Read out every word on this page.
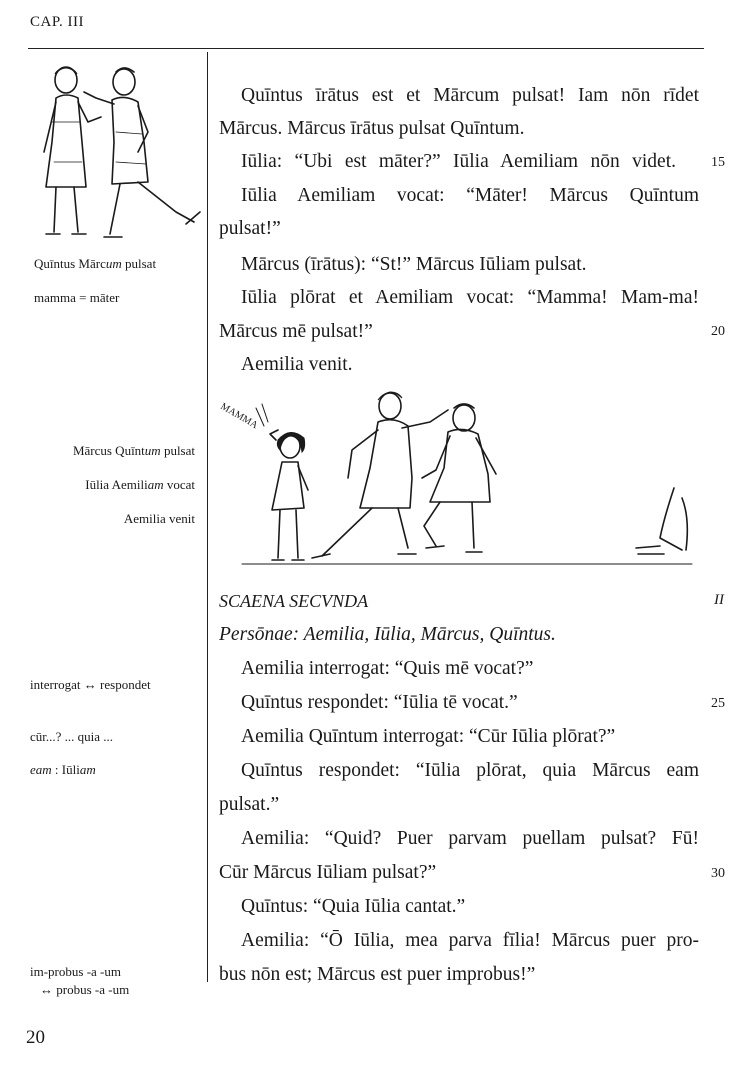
CAP. III
Quīntus Mārcum pulsat
mamma = māter
Mārcus Quīntum pulsat
Iūlia Aemiliam vocat
Aemilia venit
interrogat ↔ respondet
cūr...? ... quia ...
eam : Iūliam
im-probus -a -um
↔ probus -a -um
Quīntus īrātus est et Mārcum pulsat! Iam nōn rīdet
Mārcus. Mārcus īrātus pulsat Quīntum.
Iūlia: “Ubi est māter?” Iūlia Aemiliam nōn videt.
Iūlia Aemiliam vocat: “Māter! Mārcus Quīntum
pulsat!”
Mārcus (īrātus): “St!” Mārcus Iūliam pulsat.
Iūlia plōrat et Aemiliam vocat: “Mamma! Mam-ma!
Mārcus mē pulsat!”
Aemilia venit.
15
20
25
30
MAMMA
SCAENA SECVNDA	II
Persōnae: Aemilia, Iūlia, Mārcus, Quīntus.
Aemilia interrogat: “Quis mē vocat?”
Quīntus respondet: “Iūlia tē vocat.”
Aemilia Quīntum interrogat: “Cūr Iūlia plōrat?”
Quīntus respondet: “Iūlia plōrat, quia Mārcus eam
pulsat.”
Aemilia: “Quid? Puer parvam puellam pulsat? Fū!
Cūr Mārcus Iūliam pulsat?”
Quīntus: “Quia Iūlia cantat.”
Aemilia: “Ō Iūlia, mea parva fīlia! Mārcus puer pro-
bus nōn est; Mārcus est puer improbus!”
20
